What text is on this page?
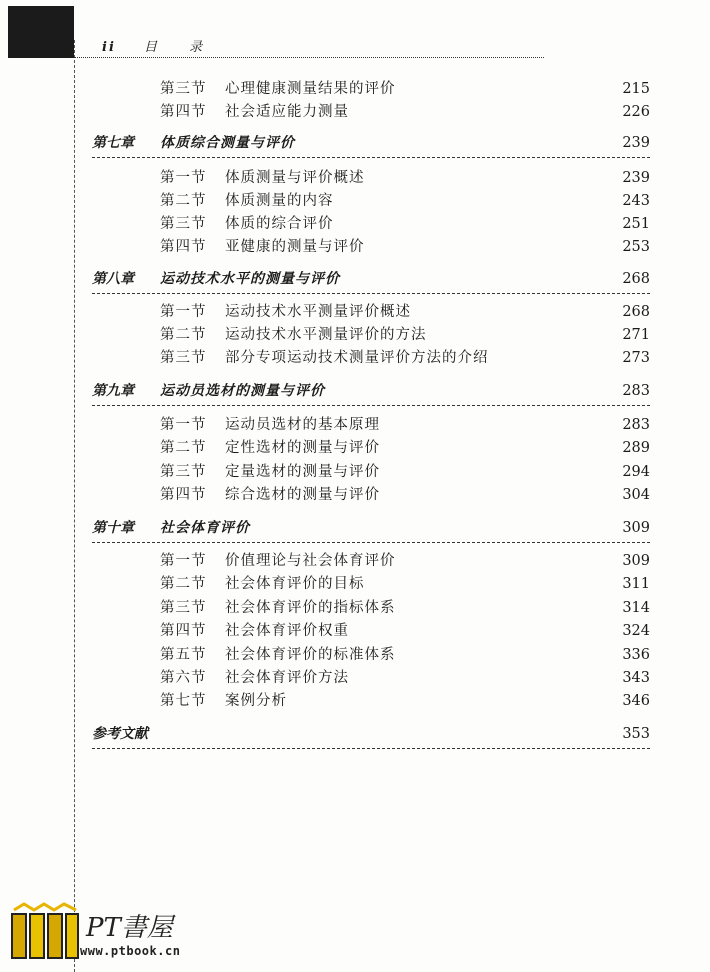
ii 目 录
第三节 心理健康测量结果的评价	215
第四节 社会适应能力测量	226
第七章 体质综合测量与评价	239
第一节 体质测量与评价概述	239
第二节 体质测量的内容	243
第三节 体质的综合评价	251
第四节 亚健康的测量与评价	253
第八章 运动技术水平的测量与评价	268
第一节 运动技术水平测量评价概述	268
第二节 运动技术水平测量评价的方法	271
第三节 部分专项运动技术测量评价方法的介绍	273
第九章 运动员选材的测量与评价	283
第一节 运动员选材的基本原理	283
第二节 定性选材的测量与评价	289
第三节 定量选材的测量与评价	294
第四节 综合选材的测量与评价	304
第十章 社会体育评价	309
第一节 价值理论与社会体育评价	309
第二节 社会体育评价的目标	311
第三节 社会体育评价的指标体系	314
第四节 社会体育评价权重	324
第五节 社会体育评价的标准体系	336
第六节 社会体育评价方法	343
第七节 案例分析	346
参考文献	353
PT書屋
www.ptbook.cn
